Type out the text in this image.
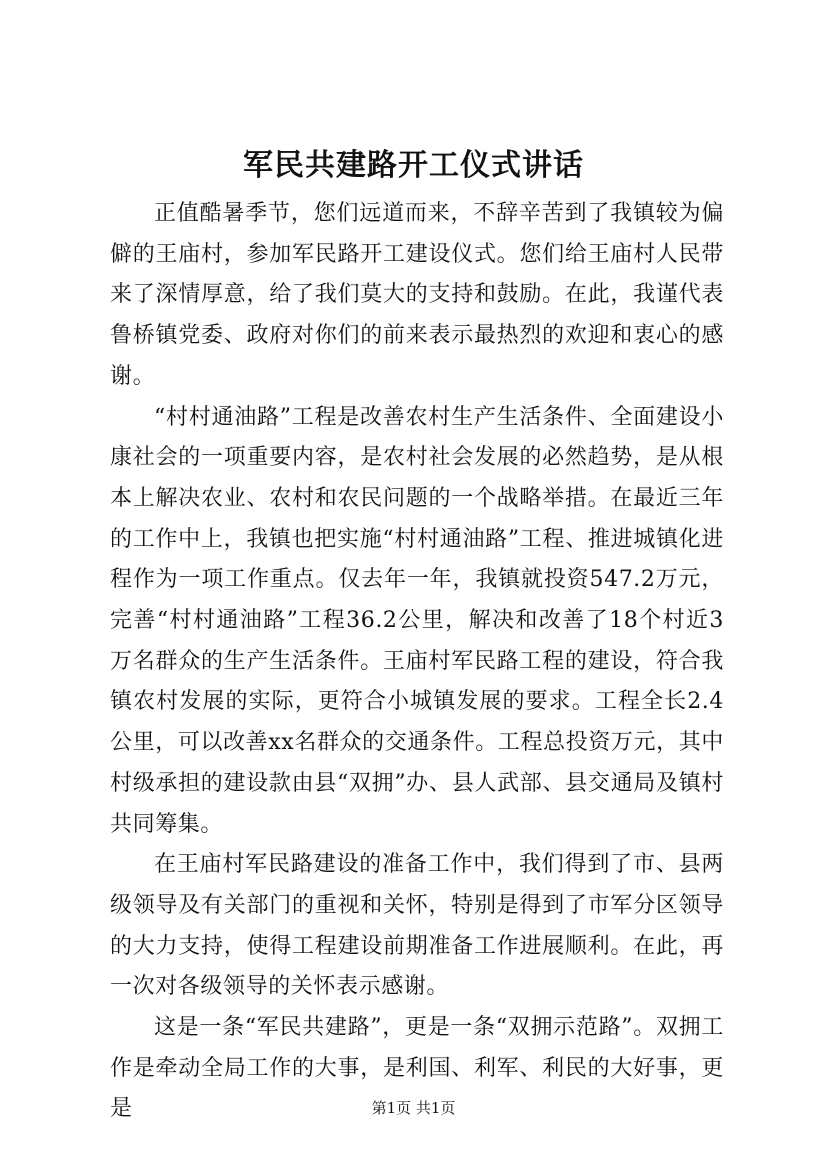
军民共建路开工仪式讲话

正值酷暑季节，您们远道而来，不辞辛苦到了我镇较为偏僻的王庙村，参加军民路开工建设仪式。您们给王庙村人民带来了深情厚意，给了我们莫大的支持和鼓励。在此，我谨代表鲁桥镇党委、政府对你们的前来表示最热烈的欢迎和衷心的感谢。

“村村通油路”工程是改善农村生产生活条件、全面建设小康社会的一项重要内容，是农村社会发展的必然趋势，是从根本上解决农业、农村和农民问题的一个战略举措。在最近三年的工作中上，我镇也把实施“村村通油路”工程、推进城镇化进程作为一项工作重点。仅去年一年，我镇就投资547.2万元，完善“村村通油路”工程36.2公里，解决和改善了18个村近3万名群众的生产生活条件。王庙村军民路工程的建设，符合我镇农村发展的实际，更符合小城镇发展的要求。工程全长2.4公里，可以改善xx名群众的交通条件。工程总投资万元，其中村级承担的建设款由县“双拥”办、县人武部、县交通局及镇村共同筹集。

在王庙村军民路建设的准备工作中，我们得到了市、县两级领导及有关部门的重视和关怀，特别是得到了市军分区领导的大力支持，使得工程建设前期准备工作进展顺利。在此，再一次对各级领导的关怀表示感谢。

这是一条“军民共建路”，更是一条“双拥示范路”。双拥工作是牵动全局工作的大事，是利国、利军、利民的大好事，更是	第1页 共1页
